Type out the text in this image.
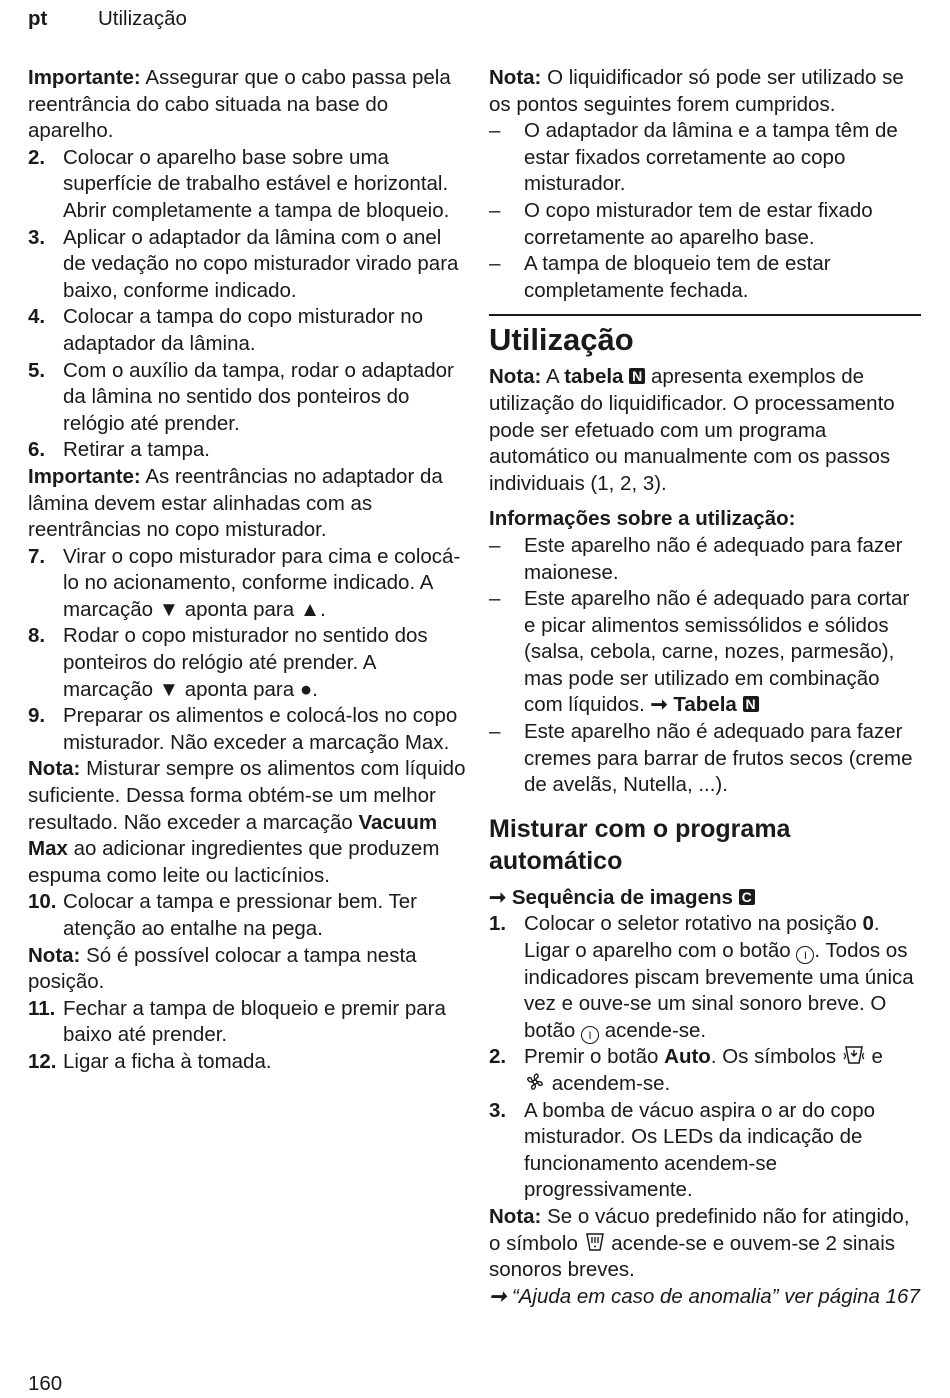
pt Utilização

Importante: Assegurar que o cabo passa pela reentrância do cabo situada na base do aparelho.

2. Colocar o aparelho base sobre uma superfície de trabalho estável e horizontal. Abrir completamente a tampa de bloqueio.
3. Aplicar o adaptador da lâmina com o anel de vedação no copo misturador virado para baixo, conforme indicado.
4. Colocar a tampa do copo misturador no adaptador da lâmina.
5. Com o auxílio da tampa, rodar o adaptador da lâmina no sentido dos ponteiros do relógio até prender.
6. Retirar a tampa.

Importante: As reentrâncias no adaptador da lâmina devem estar alinhadas com as reentrâncias no copo misturador.

7. Virar o copo misturador para cima e colocá-lo no acionamento, conforme indicado. A marcação ▼ aponta para ▲.
8. Rodar o copo misturador no sentido dos ponteiros do relógio até prender. A marcação ▼ aponta para ●.
9. Preparar os alimentos e colocá-los no copo misturador. Não exceder a marcação Max.

Nota: Misturar sempre os alimentos com líquido suficiente. Dessa forma obtém-se um melhor resultado. Não exceder a marcação Vacuum Max ao adicionar ingredientes que produzem espuma como leite ou lacticínios.

10. Colocar a tampa e pressionar bem. Ter atenção ao entalhe na pega.

Nota: Só é possível colocar a tampa nesta posição.

11. Fechar a tampa de bloqueio e premir para baixo até prender.
12. Ligar a ficha à tomada.

Nota: O liquidificador só pode ser utilizado se os pontos seguintes forem cumpridos.

–	O adaptador da lâmina e a tampa têm de estar fixados corretamente ao copo misturador.
–	O copo misturador tem de estar fixado corretamente ao aparelho base.
–	A tampa de bloqueio tem de estar completamente fechada.
Utilização

Nota: A tabela N apresenta exemplos de utilização do liquidificador. O processamento pode ser efetuado com um programa automático ou manualmente com os passos individuais (1, 2, 3).

Informações sobre a utilização:

–	Este aparelho não é adequado para fazer maionese.
–	Este aparelho não é adequado para cortar e picar alimentos semissólidos e sólidos (salsa, cebola, carne, nozes, parmesão), mas pode ser utilizado em combinação com líquidos. ➞ Tabela N
–	Este aparelho não é adequado para fazer cremes para barrar de frutos secos (creme de avelãs, Nutella, ...).
Misturar com o programa automático

➞ Sequência de imagens C

1. Colocar o seletor rotativo na posição 0. Ligar o aparelho com o botão I . Todos os indicadores piscam brevemente uma única vez e ouve-se um sinal sonoro breve. O botão I acende-se.
2. Premir o botão Auto. Os símbolos  e
acendem-se.
3. A bomba de vácuo aspira o ar do copo misturador. Os LEDs da indicação de funcionamento acendem-se progressivamente.

Nota: Se o vácuo predefinido não for atingido, o símbolo  acende-se e ouvem-se 2 sinais sonoros breves.

➞ “Ajuda em caso de anomalia” ver página 167

160
